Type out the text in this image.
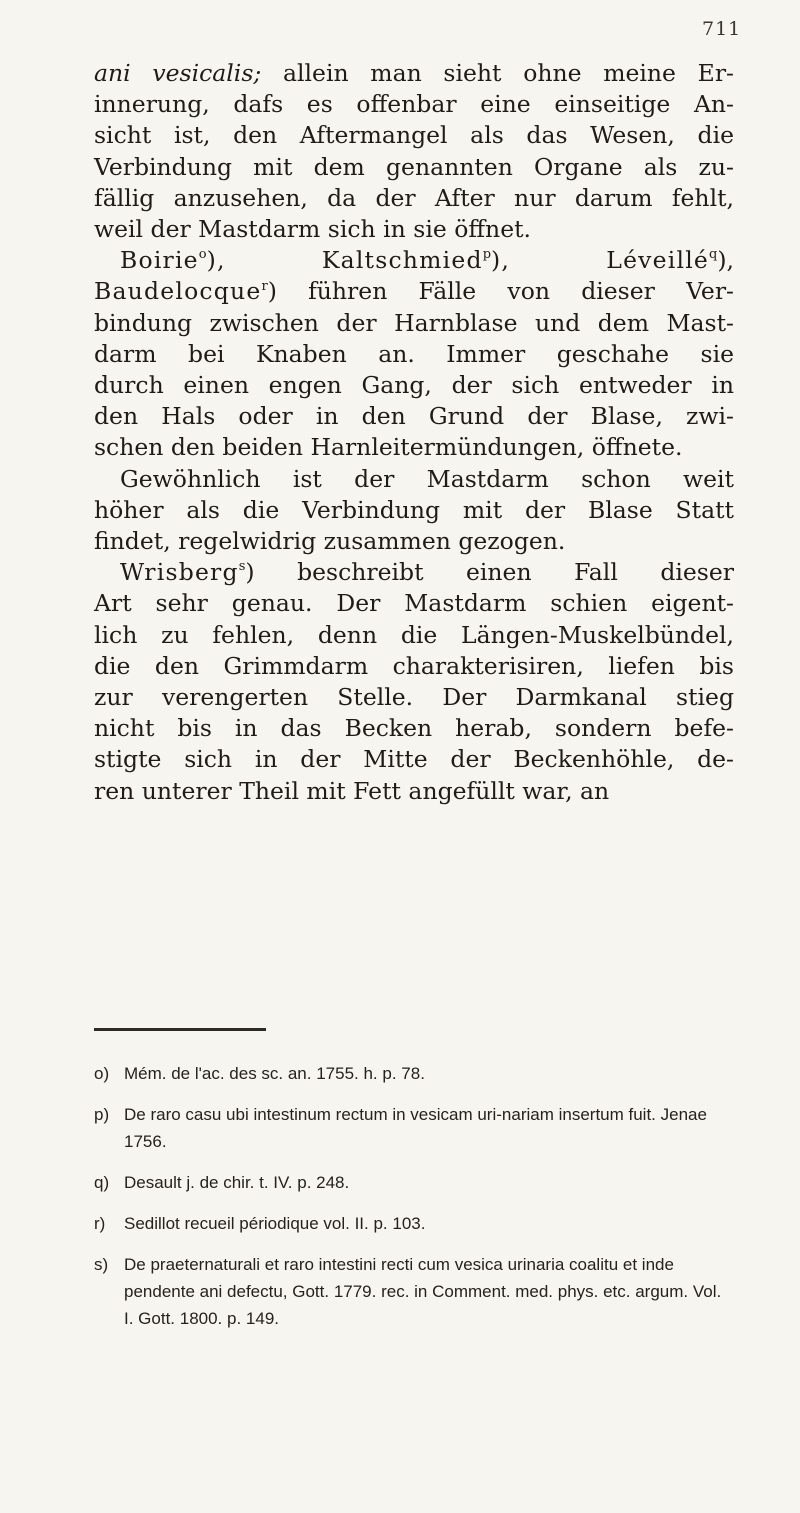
711
ani vesicalis; allein man sieht ohne meine Er-
innerung, dafs es offenbar eine einseitige An-
sicht ist, den Aftermangel als das Wesen, die
Verbindung mit dem genannten Organe als zu-
fällig anzusehen, da der After nur darum fehlt,
weil der Mastdarm sich in sie öffnet.
Boirie$^o$), Kaltschmied$^p$), Léveillé$^q$),
Baudelocque$^r$) führen Fälle von dieser Ver-
bindung zwischen der Harnblase und dem Mast-
darm bei Knaben an. Immer geschahe sie
durch einen engen Gang, der sich entweder in
den Hals oder in den Grund der Blase, zwi-
schen den beiden Harnleitermündungen, öffnete.
Gewöhnlich ist der Mastdarm schon weit
höher als die Verbindung mit der Blase Statt
findet, regelwidrig zusammen gezogen.
Wrisberg$^s$) beschreibt einen Fall dieser
Art sehr genau. Der Mastdarm schien eigent-
lich zu fehlen, denn die Längen-Muskelbündel,
die den Grimmdarm charakterisiren, liefen bis
zur verengerten Stelle. Der Darmkanal stieg
nicht bis in das Becken herab, sondern befe-
stigte sich in der Mitte der Beckenhöhle, de-
ren unterer Theil mit Fett angefüllt war, an
o) Mém. de l'ac. des sc. an. 1755. h. p. 78.
p) De raro casu ubi intestinum rectum in vesicam uri-nariam insertum fuit. Jenae 1756.
q) Desault j. de chir. t. IV. p. 248.
r) Sedillot recueil périodique vol. II. p. 103.
s) De praeternaturali et raro intestini recti cum vesica urinaria coalitu et inde pendente ani defectu, Gott. 1779. rec. in Comment. med. phys. etc. argum. Vol. I. Gott. 1800. p. 149.
